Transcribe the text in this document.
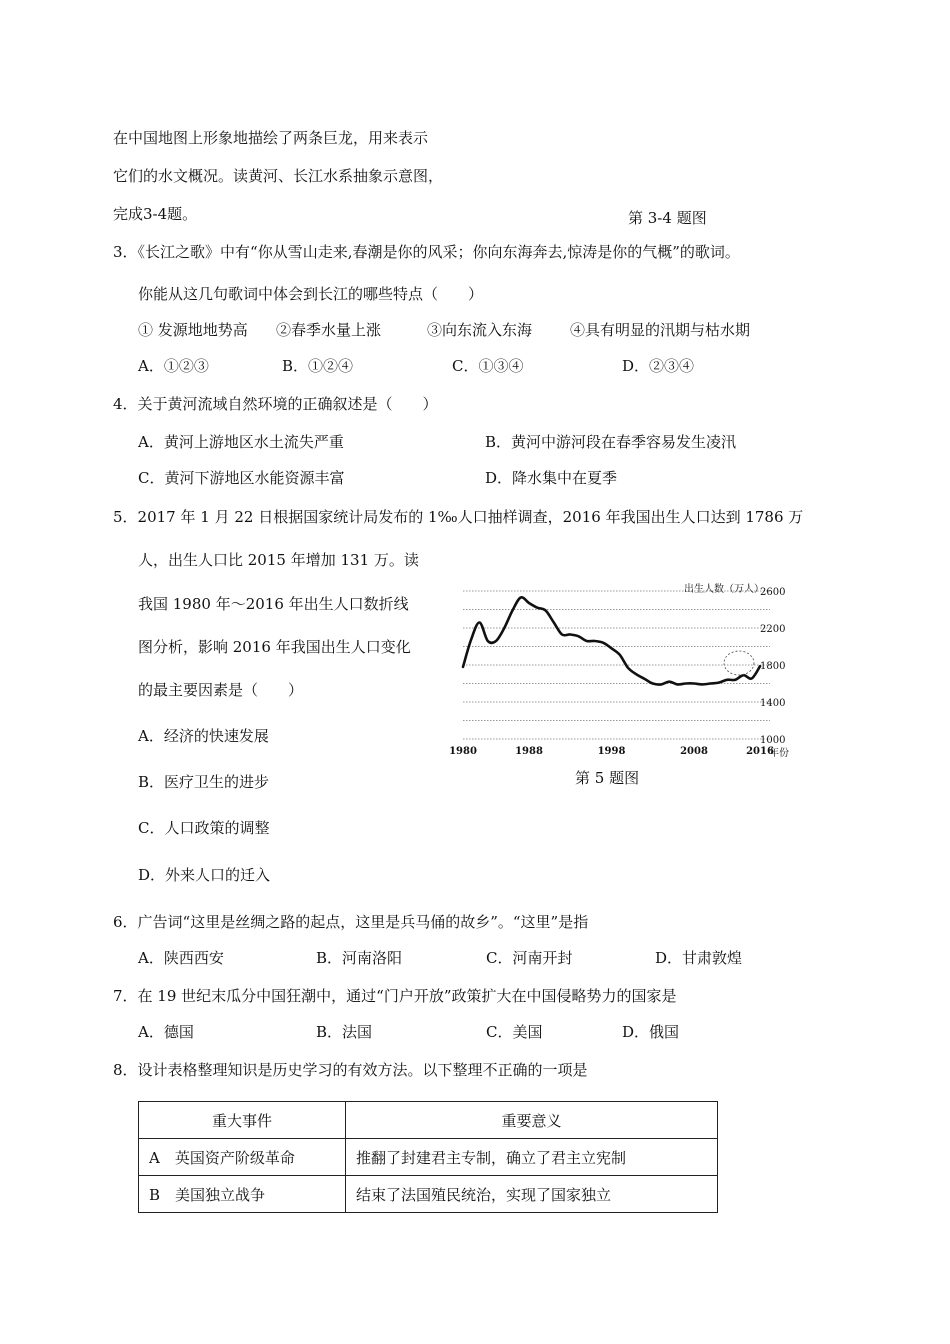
在中国地图上形象地描绘了两条巨龙，用来表示
它们的水文概况。读黄河、长江水系抽象示意图，
完成3-4题。	第 3-4 题图
3．《长江之歌》中有“你从雪山走来,春潮是你的风采；你向东海奔去,惊涛是你的气概”的歌词。
你能从这几句歌词中体会到长江的哪些特点（　　）
① 发源地地势高 ②春季水量上涨	③向东流入东海	④具有明显的汛期与枯水期
A．①②③	B．①②④	C．①③④	D．②③④
4．关于黄河流域自然环境的正确叙述是（　　）
A．黄河上游地区水土流失严重	B．黄河中游河段在春季容易发生凌汛
C．黄河下游地区水能资源丰富	D．降水集中在夏季
5．2017 年 1 月 22 日根据国家统计局发布的 1‰人口抽样调查，2016 年我国出生人口达到 1786 万
人，出生人口比 2015 年增加 131 万。读
我国 1980 年～2016 年出生人口数折线
图分析，影响 2016 年我国出生人口变化
的最主要因素是（　　）
A．经济的快速发展
B．医疗卫生的进步
C．人口政策的调整
D．外来人口的迁入
1000
1400
1800
2200
2600
1980	1988	1998	2008	2016
出生人数（万人）
年份
第 5 题图
6．广告词“这里是丝绸之路的起点，这里是兵马俑的故乡”。“这里”是指
A．陕西西安	B．河南洛阳	C．河南开封	D．甘肃敦煌
7．在 19 世纪末瓜分中国狂潮中，通过“门户开放”政策扩大在中国侵略势力的国家是
A．德国	B．法国	C．美国	D．俄国
8．设计表格整理知识是历史学习的有效方法。以下整理不正确的一项是
重大事件	重要意义
A　英国资产阶级革命	推翻了封建君主专制，确立了君主立宪制
B　美国独立战争	结束了法国殖民统治，实现了国家独立
